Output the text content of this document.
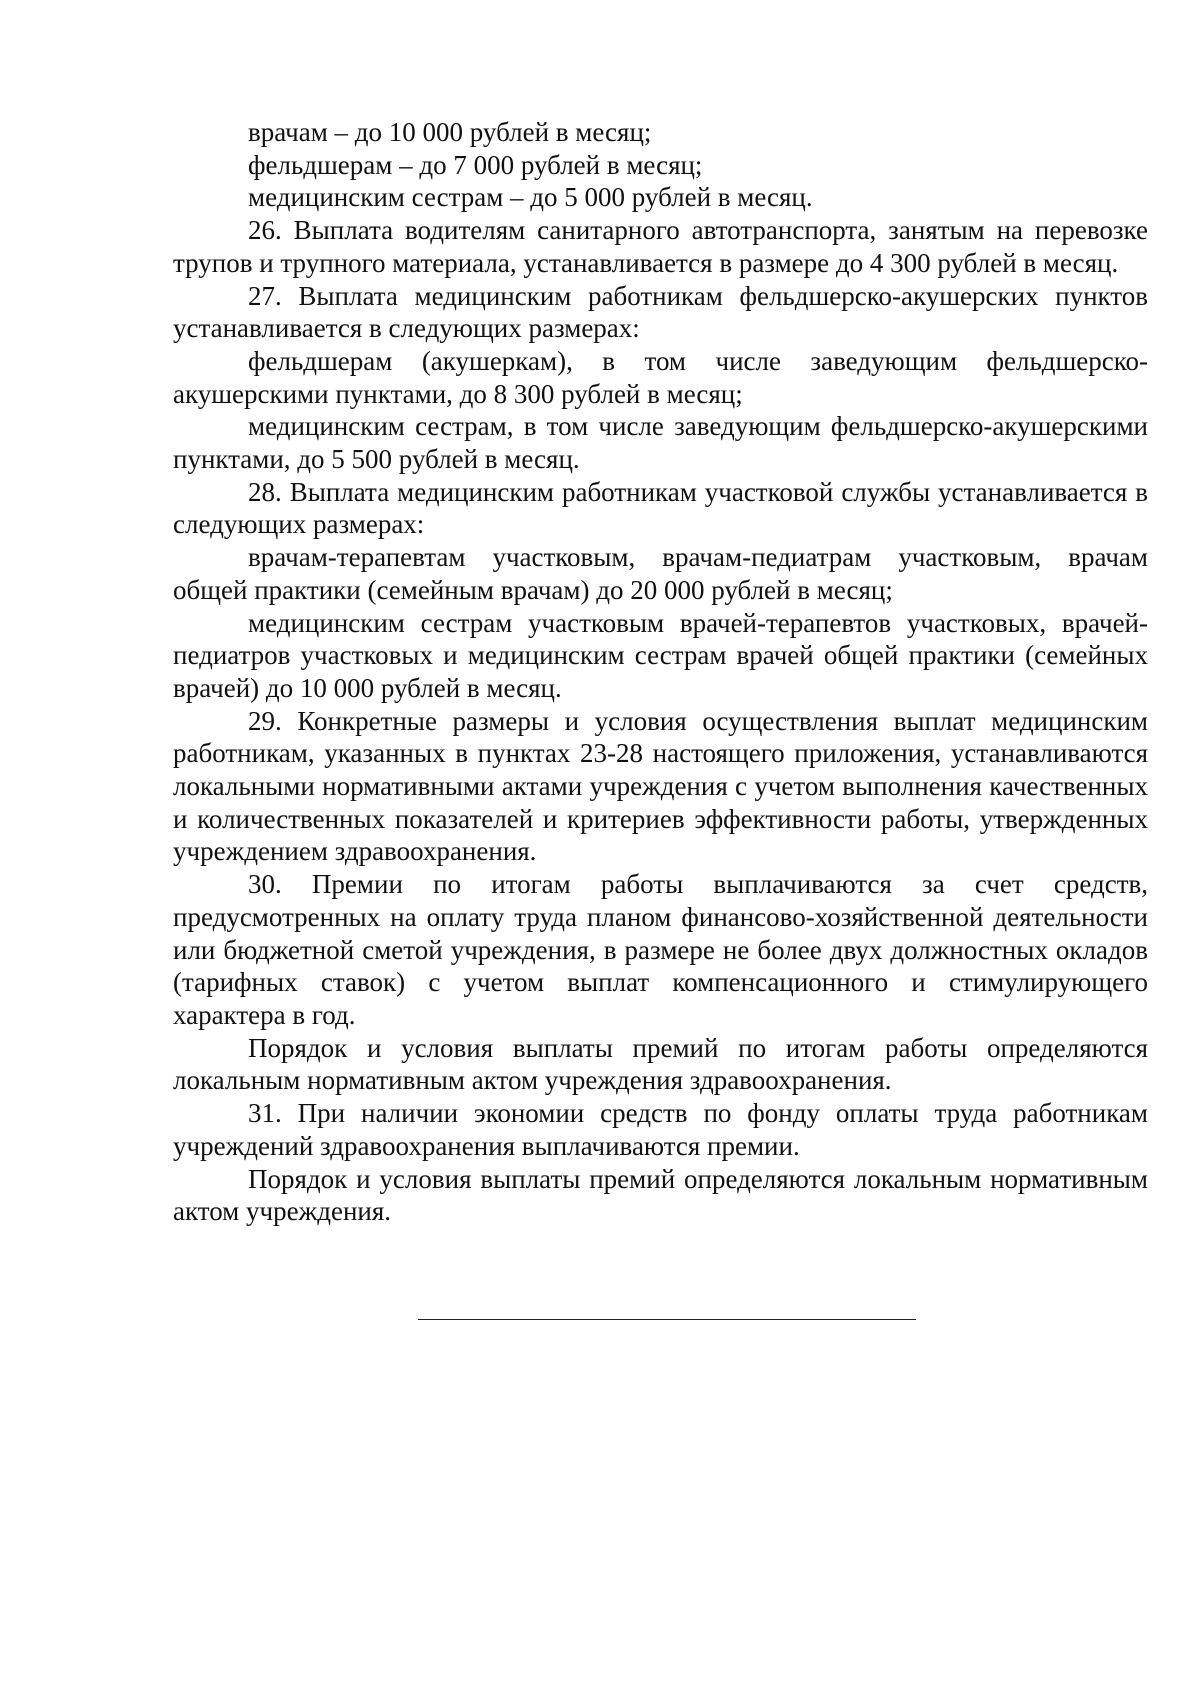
врачам – до 10 000 рублей в месяц;

фельдшерам – до 7 000 рублей в месяц;

медицинским сестрам – до 5 000 рублей в месяц.

26. Выплата водителям санитарного автотранспорта, занятым на перевозке трупов и трупного материала, устанавливается в размере до 4 300 рублей в месяц.

27. Выплата медицинским работникам фельдшерско-акушерских пунктов устанавливается в следующих размерах:

фельдшерам (акушеркам), в том числе заведующим фельдшерско-акушерскими пунктами, до 8 300 рублей в месяц;

медицинским сестрам, в том числе заведующим фельдшерско-акушерскими пунктами, до 5 500 рублей в месяц.

28. Выплата медицинским работникам участковой службы устанавливается в следующих размерах:

врачам-терапевтам участковым, врачам-педиатрам участковым, врачам общей практики (семейным врачам) до 20 000 рублей в месяц;

медицинским сестрам участковым врачей-терапевтов участковых, врачей-педиатров участковых и медицинским сестрам врачей общей практики (семейных врачей) до 10 000 рублей в месяц.

29. Конкретные размеры и условия осуществления выплат медицинским работникам, указанных в пунктах 23-28 настоящего приложения, устанавливаются локальными нормативными актами учреждения с учетом выполнения качественных и количественных показателей и критериев эффективности работы, утвержденных учреждением здравоохранения.

30. Премии по итогам работы выплачиваются за счет средств, предусмотренных на оплату труда планом финансово-хозяйственной деятельности или бюджетной сметой учреждения, в размере не более двух должностных окладов (тарифных ставок) с учетом выплат компенсационного и стимулирующего характера в год.

Порядок и условия выплаты премий по итогам работы определяются локальным нормативным актом учреждения здравоохранения.

31. При наличии экономии средств по фонду оплаты труда работникам учреждений здравоохранения выплачиваются премии.

Порядок и условия выплаты премий определяются локальным нормативным актом учреждения.
